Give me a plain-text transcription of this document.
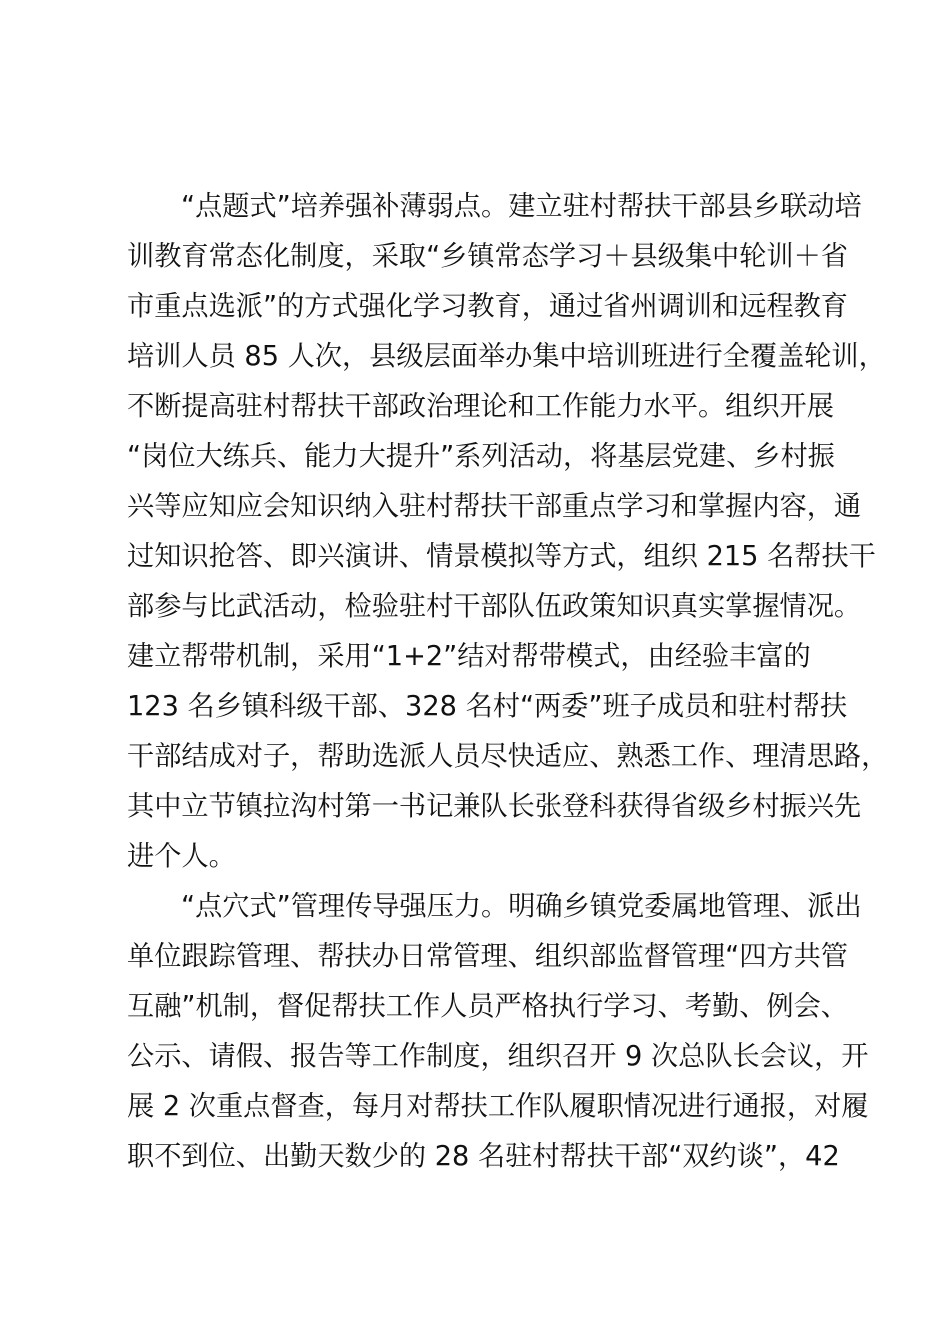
“点题式”培养强补薄弱点。建立驻村帮扶干部县乡联动培
训教育常态化制度，采取“乡镇常态学习＋县级集中轮训＋省
市重点选派”的方式强化学习教育，通过省州调训和远程教育
培训人员 85 人次，县级层面举办集中培训班进行全覆盖轮训，
不断提高驻村帮扶干部政治理论和工作能力水平。组织开展
“岗位大练兵、能力大提升”系列活动，将基层党建、乡村振
兴等应知应会知识纳入驻村帮扶干部重点学习和掌握内容，通
过知识抢答、即兴演讲、情景模拟等方式，组织 215 名帮扶干
部参与比武活动，检验驻村干部队伍政策知识真实掌握情况。
建立帮带机制，采用“1+2”结对帮带模式，由经验丰富的
123 名乡镇科级干部、328 名村“两委”班子成员和驻村帮扶
干部结成对子，帮助选派人员尽快适应、熟悉工作、理清思路，
其中立节镇拉沟村第一书记兼队长张登科获得省级乡村振兴先
进个人。
“点穴式”管理传导强压力。明确乡镇党委属地管理、派出
单位跟踪管理、帮扶办日常管理、组织部监督管理“四方共管
互融”机制，督促帮扶工作人员严格执行学习、考勤、例会、
公示、请假、报告等工作制度，组织召开 9 次总队长会议，开
展 2 次重点督查，每月对帮扶工作队履职情况进行通报，对履
职不到位、出勤天数少的 28 名驻村帮扶干部“双约谈”，42
